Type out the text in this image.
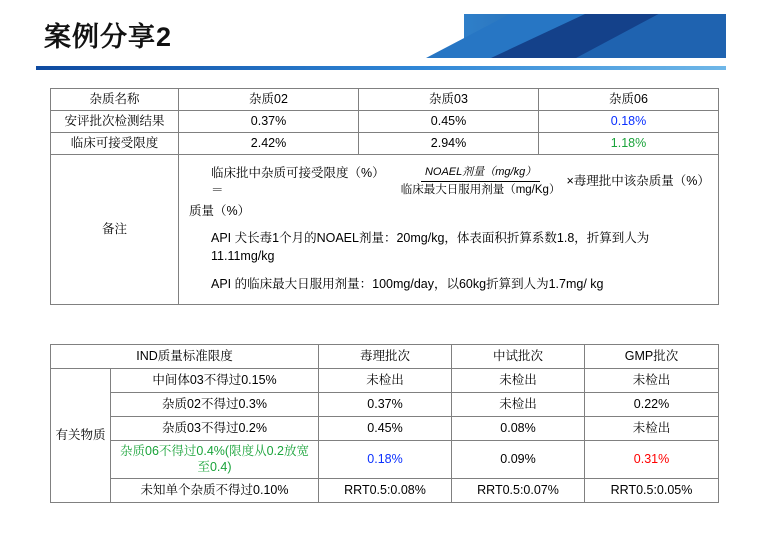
案例分享2
杂质名称	杂质02	杂质03	杂质06
安评批次检测结果	0.37%	0.45%	0.18%
临床可接受限度	2.42%	2.94%	1.18%
备注	
临床批中杂质可接受限度（%）＝	$\frac{\text{NOAEL剂量（mg/kg）}}{\text{临床最大日服用剂量（mg/Kg）}}$ ×毒理批中该杂质量（%）
质量（%）
API 犬长毒1个月的NOAEL剂量：20mg/kg，体表面积折算系数1.8，折算到人为11.11mg/kg
API 的临床最大日服用剂量：100mg/day，以60kg折算到人为1.7mg/ kg
IND质量标准限度		毒理批次	中试批次	GMP批次
有关物质	中间体03不得过0.15%	未检出	未检出	未检出
	杂质02不得过0.3%	0.37%	未检出	0.22%
	杂质03不得过0.2%	0.45%	0.08%	未检出
	杂质06不得过0.4%(限度从0.2放宽至0.4)	0.18%	0.09%	0.31%
	未知单个杂质不得过0.10%	RRT0.5:0.08%	RRT0.5:0.07%	RRT0.5:0.05%
